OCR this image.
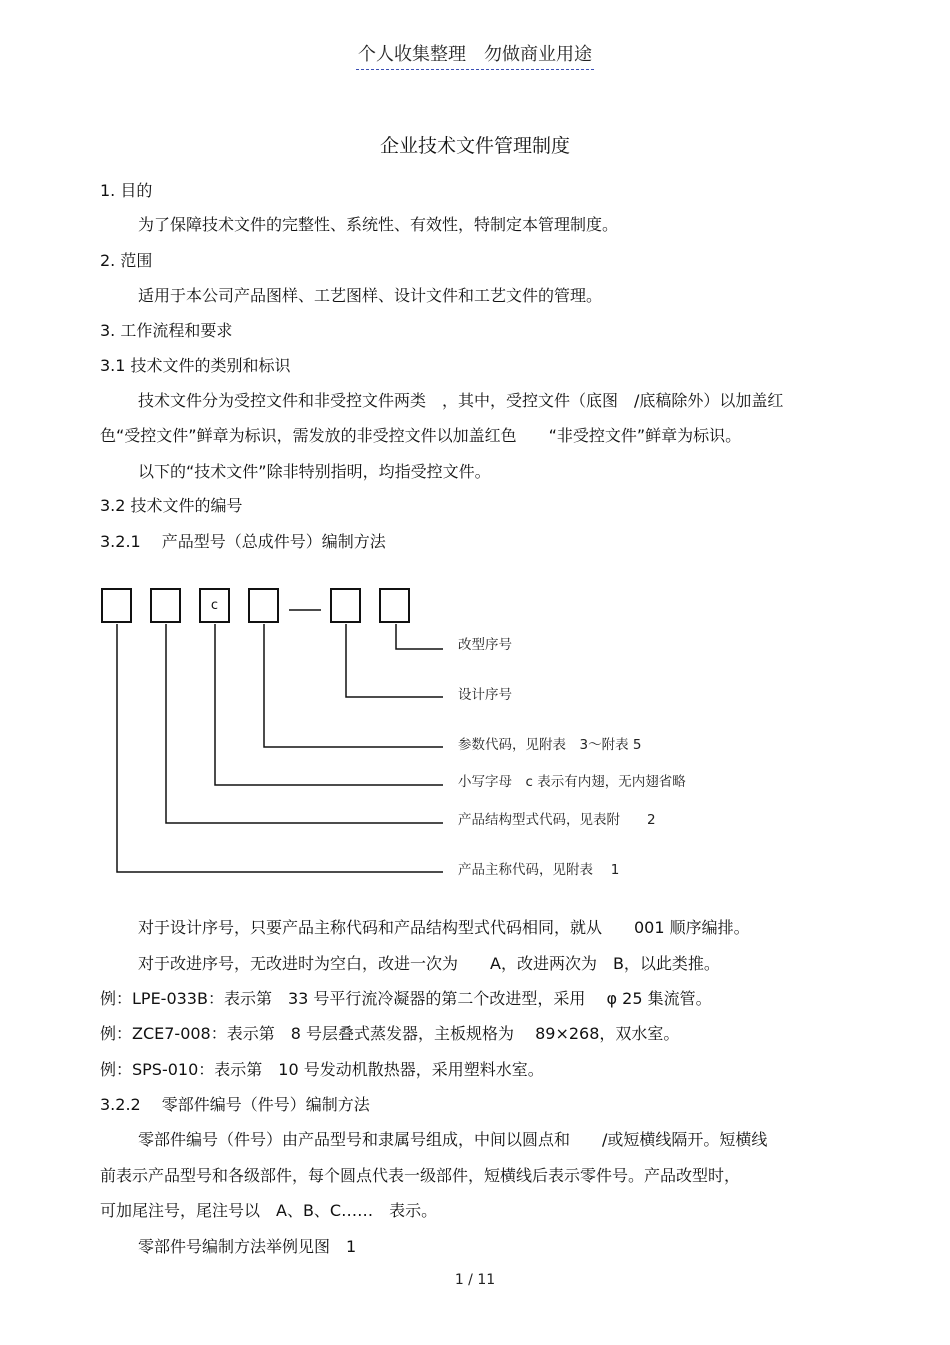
个人收集整理　勿做商业用途
企业技术文件管理制度
1. 目的
为了保障技术文件的完整性、系统性、有效性，特制定本管理制度。
2. 范围
适用于本公司产品图样、工艺图样、设计文件和工艺文件的管理。
3. 工作流程和要求
3.1 技术文件的类别和标识
技术文件分为受控文件和非受控文件两类　，其中，受控文件（底图　/底稿除外）以加盖红
色“受控文件”鲜章为标识，需发放的非受控文件以加盖红色　　“非受控文件”鲜章为标识。
以下的“技术文件”除非特别指明，均指受控文件。
3.2 技术文件的编号
3.2.1　 产品型号（总成件号）编制方法
c
改型序号
设计序号
参数代码，见附表　3～附表 5
小写字母　c 表示有内翅，无内翅省略
产品结构型式代码，见表附　　2
产品主称代码，见附表　 1
对于设计序号，只要产品主称代码和产品结构型式代码相同，就从　　001 顺序编排。
对于改进序号，无改进时为空白，改进一次为　　A，改进两次为　B，以此类推。
例：LPE-033B：表示第　33 号平行流冷凝器的第二个改进型，采用　 φ 25 集流管。
例：ZCE7-008：表示第　8 号层叠式蒸发器，主板规格为　 89×268，双水室。
例：SPS-010：表示第　10 号发动机散热器，采用塑料水室。
3.2.2　 零部件编号（件号）编制方法
零部件编号（件号）由产品型号和隶属号组成，中间以圆点和　　/或短横线隔开。短横线
前表示产品型号和各级部件，每个圆点代表一级部件，短横线后表示零件号。产品改型时，
可加尾注号，尾注号以　A、B、C……　表示。
零部件号编制方法举例见图　1
1 / 11
